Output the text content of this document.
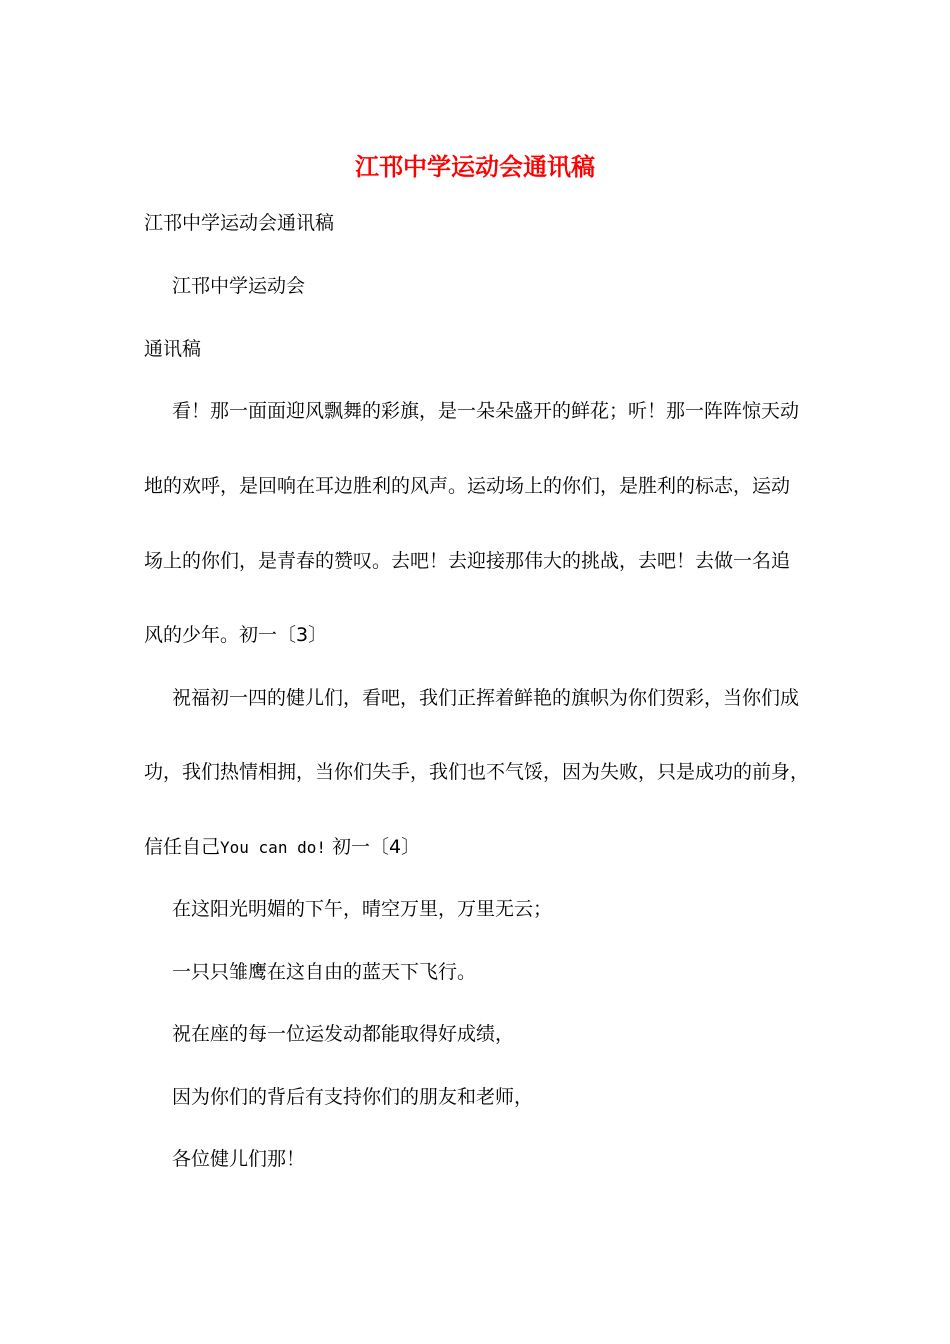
江邗中学运动会通讯稿
江邗中学运动会通讯稿
江邗中学运动会
通讯稿
看！那一面面迎风飘舞的彩旗，是一朵朵盛开的鲜花；听！那一阵阵惊天动
地的欢呼，是回响在耳边胜利的风声。运动场上的你们，是胜利的标志，运动
场上的你们，是青春的赞叹。去吧！去迎接那伟大的挑战，去吧！去做一名追
风的少年。初一〔3〕
祝福初一四的健儿们，看吧，我们正挥着鲜艳的旗帜为你们贺彩，当你们成
功，我们热情相拥，当你们失手，我们也不气馁，因为失败，只是成功的前身，
信任自己You can do! 初一〔4〕
在这阳光明媚的下午，晴空万里，万里无云；
一只只雏鹰在这自由的蓝天下飞行。
祝在座的每一位运发动都能取得好成绩，
因为你们的背后有支持你们的朋友和老师，
各位健儿们那！
